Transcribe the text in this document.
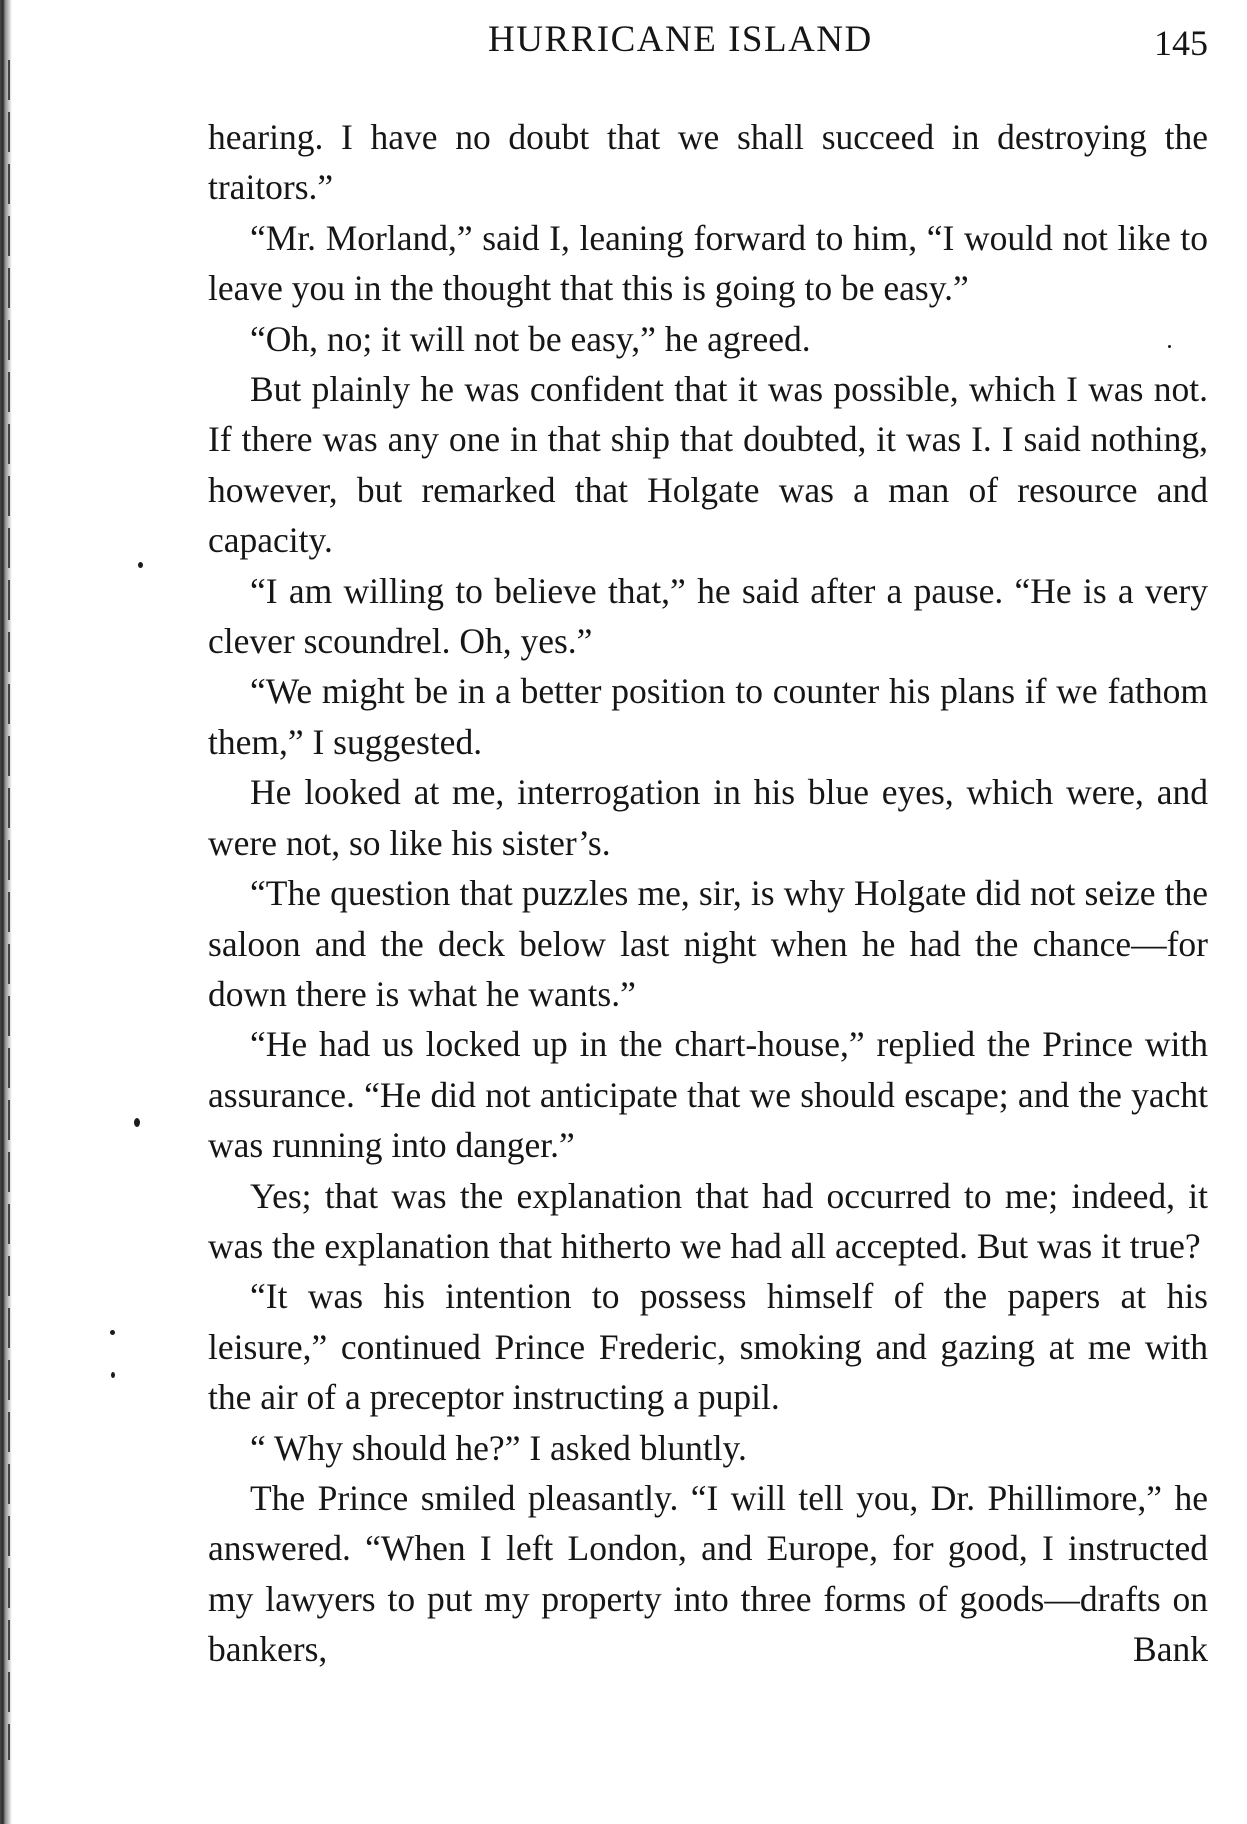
HURRICANE ISLAND	145

hearing. I have no doubt that we shall succeed in destroying the traitors.”

“Mr. Morland,” said I, leaning forward to him, “I would not like to leave you in the thought that this is going to be easy.”

“Oh, no; it will not be easy,” he agreed.

But plainly he was confident that it was possible, which I was not. If there was any one in that ship that doubted, it was I. I said nothing, however, but remarked that Holgate was a man of resource and capacity.

“I am willing to believe that,” he said after a pause. “He is a very clever scoundrel. Oh, yes.”

“We might be in a better position to counter his plans if we fathom them,” I suggested.

He looked at me, interrogation in his blue eyes, which were, and were not, so like his sister’s.

“The question that puzzles me, sir, is why Holgate did not seize the saloon and the deck below last night when he had the chance—for down there is what he wants.”

“He had us locked up in the chart-house,” replied the Prince with assurance. “He did not anticipate that we should escape; and the yacht was running into danger.”

Yes; that was the explanation that had occurred to me; indeed, it was the explanation that hitherto we had all accepted. But was it true?

“It was his intention to possess himself of the papers at his leisure,” continued Prince Frederic, smoking and gazing at me with the air of a preceptor instructing a pupil.

“ Why should he?” I asked bluntly.

The Prince smiled pleasantly. “I will tell you, Dr. Phillimore,” he answered. “When I left London, and Europe, for good, I instructed my lawyers to put my property into three forms of goods—drafts on bankers, Bank
